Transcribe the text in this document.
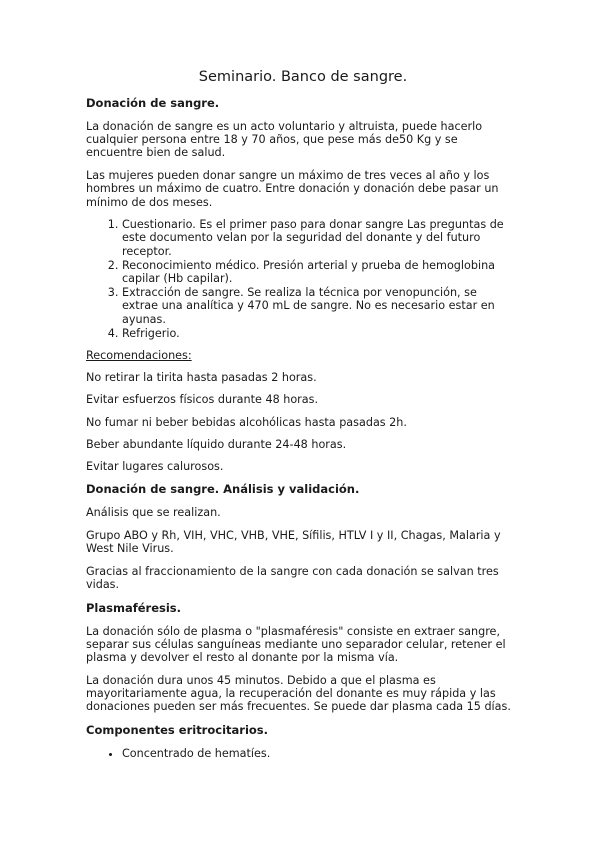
Seminario. Banco de sangre.
Donación de sangre.

La donación de sangre es un acto voluntario y altruista, puede hacerlo cualquier persona entre 18 y 70 años, que pese más de50 Kg y se encuentre bien de salud.

Las mujeres pueden donar sangre un máximo de tres veces al año y los hombres un máximo de cuatro. Entre donación y donación debe pasar un mínimo de dos meses.

1. Cuestionario. Es el primer paso para donar sangre Las preguntas de este documento velan por la seguridad del donante y del futuro receptor.
2. Reconocimiento médico. Presión arterial y prueba de hemoglobina capilar (Hb capilar).
3. Extracción de sangre. Se realiza la técnica por venopunción, se extrae una analítica y 470 mL de sangre. No es necesario estar en ayunas.
4. Refrigerio.

Recomendaciones:

No retirar la tirita hasta pasadas 2 horas.

Evitar esfuerzos físicos durante 48 horas.

No fumar ni beber bebidas alcohólicas hasta pasadas 2h.

Beber abundante líquido durante 24-48 horas.

Evitar lugares calurosos.

Donación de sangre. Análisis y validación.

Análisis que se realizan.

Grupo ABO y Rh, VIH, VHC, VHB, VHE, Sífilis, HTLV I y II, Chagas, Malaria y West Nile Virus.

Gracias al fraccionamiento de la sangre con cada donación se salvan tres vidas.

Plasmaféresis.

La donación sólo de plasma o "plasmaféresis" consiste en extraer sangre, separar sus células sanguíneas mediante uno separador celular, retener el plasma y devolver el resto al donante por la misma vía.

La donación dura unos 45 minutos. Debido a que el plasma es mayoritariamente agua, la recuperación del donante es muy rápida y las donaciones pueden ser más frecuentes. Se puede dar plasma cada 15 días.

Componentes eritrocitarios.
• Concentrado de hematíes.
